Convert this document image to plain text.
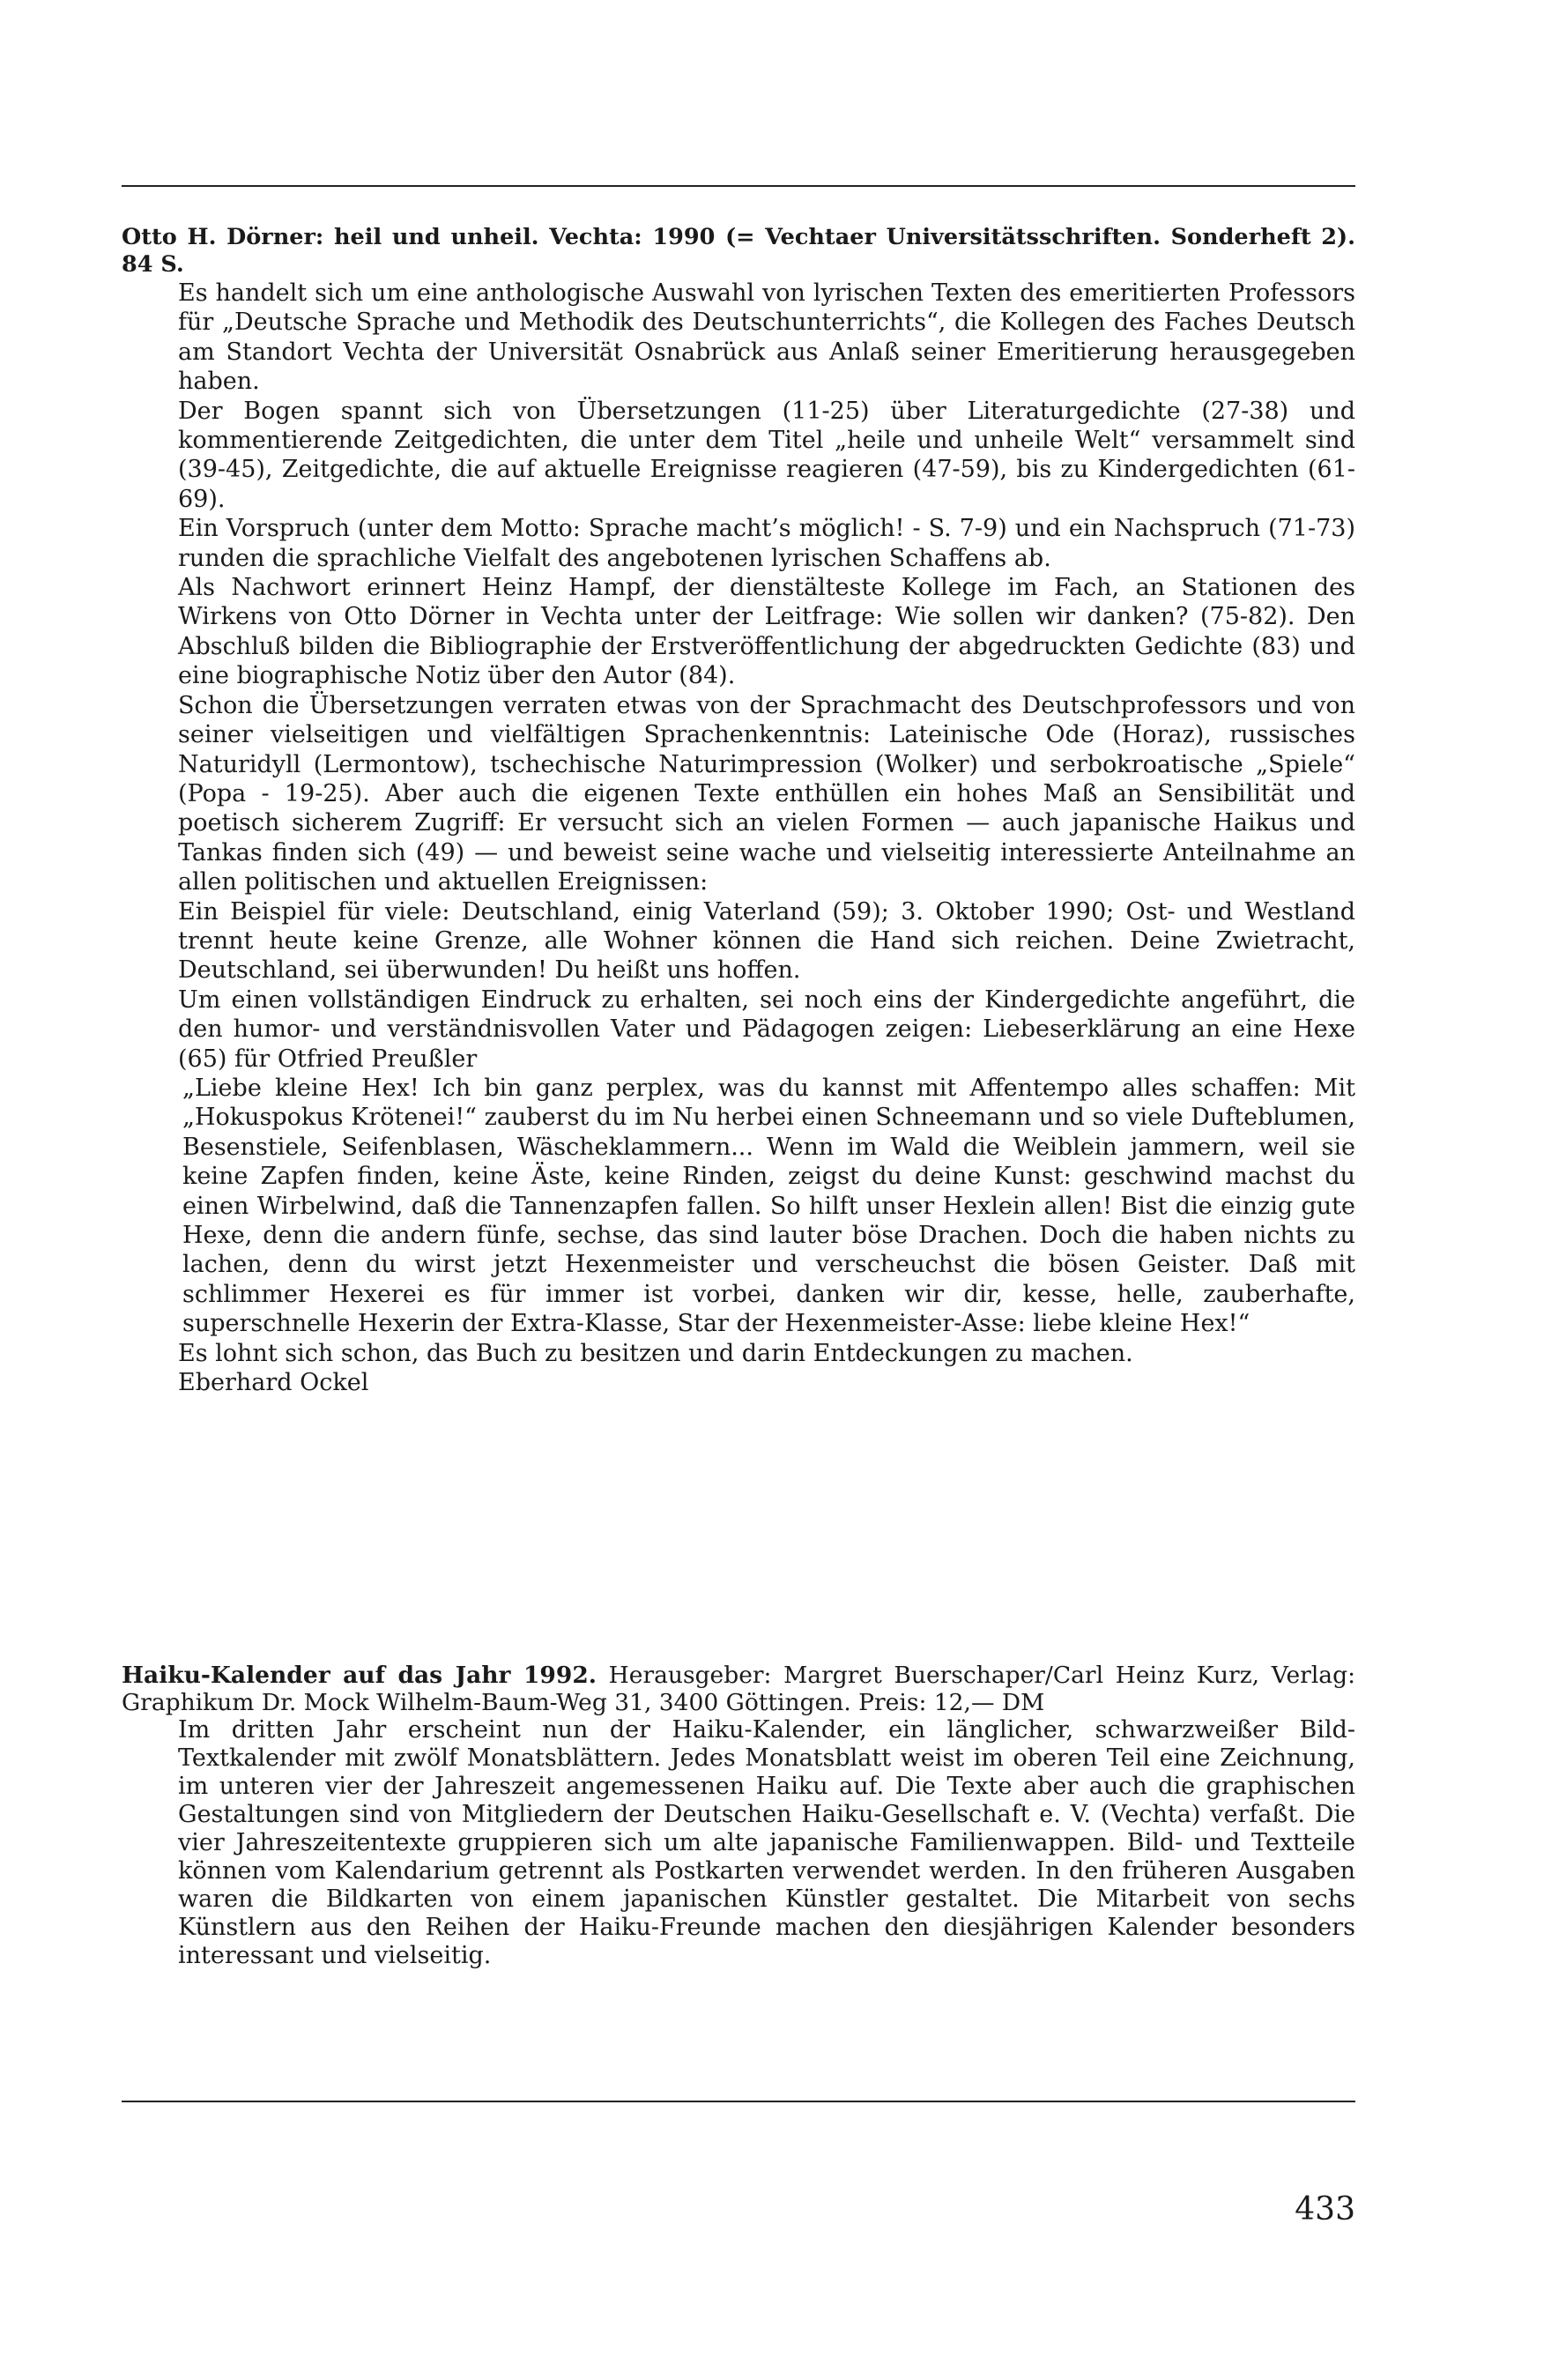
Otto H. Dörner: heil und unheil. Vechta: 1990 (= Vechtaer Universitätsschriften. Sonderheft 2). 84 S.

Es handelt sich um eine anthologische Auswahl von lyrischen Texten des emeritierten Professors für „Deutsche Sprache und Methodik des Deutschunterrichts“, die Kollegen des Faches Deutsch am Standort Vechta der Universität Osnabrück aus Anlaß seiner Emeritierung herausgegeben haben.

Der Bogen spannt sich von Übersetzungen (11-25) über Literaturgedichte (27-38) und kommentierende Zeitgedichten, die unter dem Titel „heile und unheile Welt“ versammelt sind (39-45), Zeitgedichte, die auf aktuelle Ereignisse reagieren (47-59), bis zu Kindergedichten (61-69).

Ein Vorspruch (unter dem Motto: Sprache macht’s möglich! - S. 7-9) und ein Nachspruch (71-73) runden die sprachliche Vielfalt des angebotenen lyrischen Schaffens ab.

Als Nachwort erinnert Heinz Hampf, der dienstälteste Kollege im Fach, an Stationen des Wirkens von Otto Dörner in Vechta unter der Leitfrage: Wie sollen wir danken? (75-82). Den Abschluß bilden die Bibliographie der Erstveröffentlichung der abgedruckten Gedichte (83) und eine biographische Notiz über den Autor (84).

Schon die Übersetzungen verraten etwas von der Sprachmacht des Deutschprofessors und von seiner vielseitigen und vielfältigen Sprachenkenntnis: Lateinische Ode (Horaz), russisches Naturidyll (Lermontow), tschechische Naturimpression (Wolker) und serbokroatische „Spiele“ (Popa - 19-25). Aber auch die eigenen Texte enthüllen ein hohes Maß an Sensibilität und poetisch sicherem Zugriff: Er versucht sich an vielen Formen — auch japanische Haikus und Tankas finden sich (49) — und beweist seine wache und vielseitig interessierte Anteilnahme an allen politischen und aktuellen Ereignissen:

Ein Beispiel für viele: Deutschland, einig Vaterland (59); 3. Oktober 1990; Ost- und Westland trennt heute keine Grenze, alle Wohner können die Hand sich reichen. Deine Zwietracht, Deutschland, sei überwunden! Du heißt uns hoffen.

Um einen vollständigen Eindruck zu erhalten, sei noch eins der Kindergedichte angeführt, die den humor- und verständnisvollen Vater und Pädagogen zeigen: Liebeserklärung an eine Hexe (65) für Otfried Preußler

„Liebe kleine Hex! Ich bin ganz perplex, was du kannst mit Affentempo alles schaffen: Mit „Hokuspokus Krötenei!“ zauberst du im Nu herbei einen Schneemann und so viele Dufteblumen, Besenstiele, Seifenblasen, Wäscheklammern... Wenn im Wald die Weiblein jammern, weil sie keine Zapfen finden, keine Äste, keine Rinden, zeigst du deine Kunst: geschwind machst du einen Wirbelwind, daß die Tannenzapfen fallen. So hilft unser Hexlein allen! Bist die einzig gute Hexe, denn die andern fünfe, sechse, das sind lauter böse Drachen. Doch die haben nichts zu lachen, denn du wirst jetzt Hexenmeister und verscheuchst die bösen Geister. Daß mit schlimmer Hexerei es für immer ist vorbei, danken wir dir, kesse, helle, zauberhafte, superschnelle Hexerin der Extra-Klasse, Star der Hexenmeister-Asse: liebe kleine Hex!“

Es lohnt sich schon, das Buch zu besitzen und darin Entdeckungen zu machen.

Eberhard Ockel

Haiku-Kalender auf das Jahr 1992. Herausgeber: Margret Buerschaper/Carl Heinz Kurz, Verlag: Graphikum Dr. Mock Wilhelm-Baum-Weg 31, 3400 Göttingen. Preis: 12,— DM

Im dritten Jahr erscheint nun der Haiku-Kalender, ein länglicher, schwarzweißer Bild-Textkalender mit zwölf Monatsblättern. Jedes Monatsblatt weist im oberen Teil eine Zeichnung, im unteren vier der Jahreszeit angemessenen Haiku auf. Die Texte aber auch die graphischen Gestaltungen sind von Mitgliedern der Deutschen Haiku-Gesellschaft e. V. (Vechta) verfaßt. Die vier Jahreszeitentexte gruppieren sich um alte japanische Familienwappen. Bild- und Textteile können vom Kalendarium getrennt als Postkarten verwendet werden. In den früheren Ausgaben waren die Bildkarten von einem japanischen Künstler gestaltet. Die Mitarbeit von sechs Künstlern aus den Reihen der Haiku-Freunde machen den diesjährigen Kalender besonders interessant und vielseitig.

433
